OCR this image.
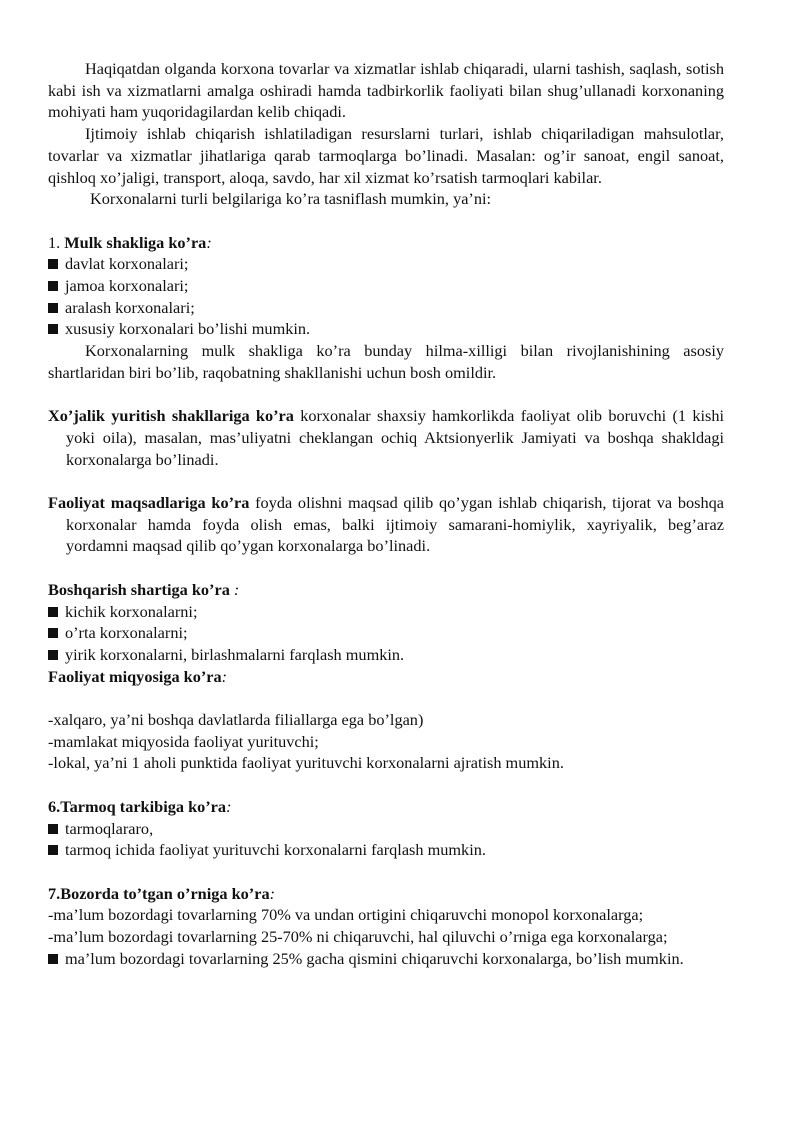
Haqiqatdan olganda korxona tovarlar va xizmatlar ishlab chiqaradi, ularni tashish, saqlash, sotish kabi ish va xizmatlarni amalga oshiradi hamda tadbirkorlik faoliyati bilan shug’ullanadi korxonaning mohiyati ham yuqoridagilardan kelib chiqadi.

Ijtimoiy ishlab chiqarish ishlatiladigan resurslarni turlari, ishlab chiqariladigan mahsulotlar, tovarlar va xizmatlar jihatlariga qarab tarmoqlarga bo’linadi. Masalan: og’ir sanoat, engil sanoat, qishloq xo’jaligi, transport, aloqa, savdo, har xil xizmat ko’rsatish tarmoqlari kabilar.

Korxonalarni turli belgilariga ko’ra tasniflash mumkin, ya’ni:

1. Mulk shakliga ko’ra:

davlat korxonalari;

jamoa korxonalari;

aralash korxonalari;

xususiy korxonalari bo’lishi mumkin.

Korxonalarning mulk shakliga ko’ra bunday hilma-xilligi bilan rivojlanishining asosiy shartlaridan biri bo’lib, raqobatning shakllanishi uchun bosh omildir.

Xo’jalik yuritish shakllariga ko’ra korxonalar shaxsiy hamkorlikda faoliyat olib boruvchi (1 kishi yoki oila), masalan, mas’uliyatni cheklangan ochiq Aktsionyerlik Jamiyati va boshqa shakldagi korxonalarga bo’linadi.

Faoliyat maqsadlariga ko’ra foyda olishni maqsad qilib qo’ygan ishlab chiqarish, tijorat va boshqa korxonalar hamda foyda olish emas, balki ijtimoiy samarani-homiylik, xayriyalik, beg’araz yordamni maqsad qilib qo’ygan korxonalarga bo’linadi.

Boshqarish shartiga ko’ra :

kichik korxonalarni;

o’rta korxonalarni;

yirik korxonalarni, birlashmalarni farqlash mumkin.

Faoliyat miqyosiga ko’ra:

-xalqaro, ya’ni boshqa davlatlarda filiallarga ega bo’lgan)

-mamlakat miqyosida faoliyat yurituvchi;

-lokal, ya’ni 1 aholi punktida faoliyat yurituvchi korxonalarni ajratish mumkin.

6.Tarmoq tarkibiga ko’ra:

tarmoqlararo,

tarmoq ichida faoliyat yurituvchi korxonalarni farqlash mumkin.

7.Bozorda to’tgan o’rniga ko’ra:

-ma’lum bozordagi tovarlarning 70% va undan ortigini chiqaruvchi monopol korxonalarga;

-ma’lum bozordagi tovarlarning 25-70% ni chiqaruvchi, hal qiluvchi o’rniga ega korxonalarga;

ma’lum bozordagi tovarlarning 25% gacha qismini chiqaruvchi korxonalarga, bo’lish mumkin.
